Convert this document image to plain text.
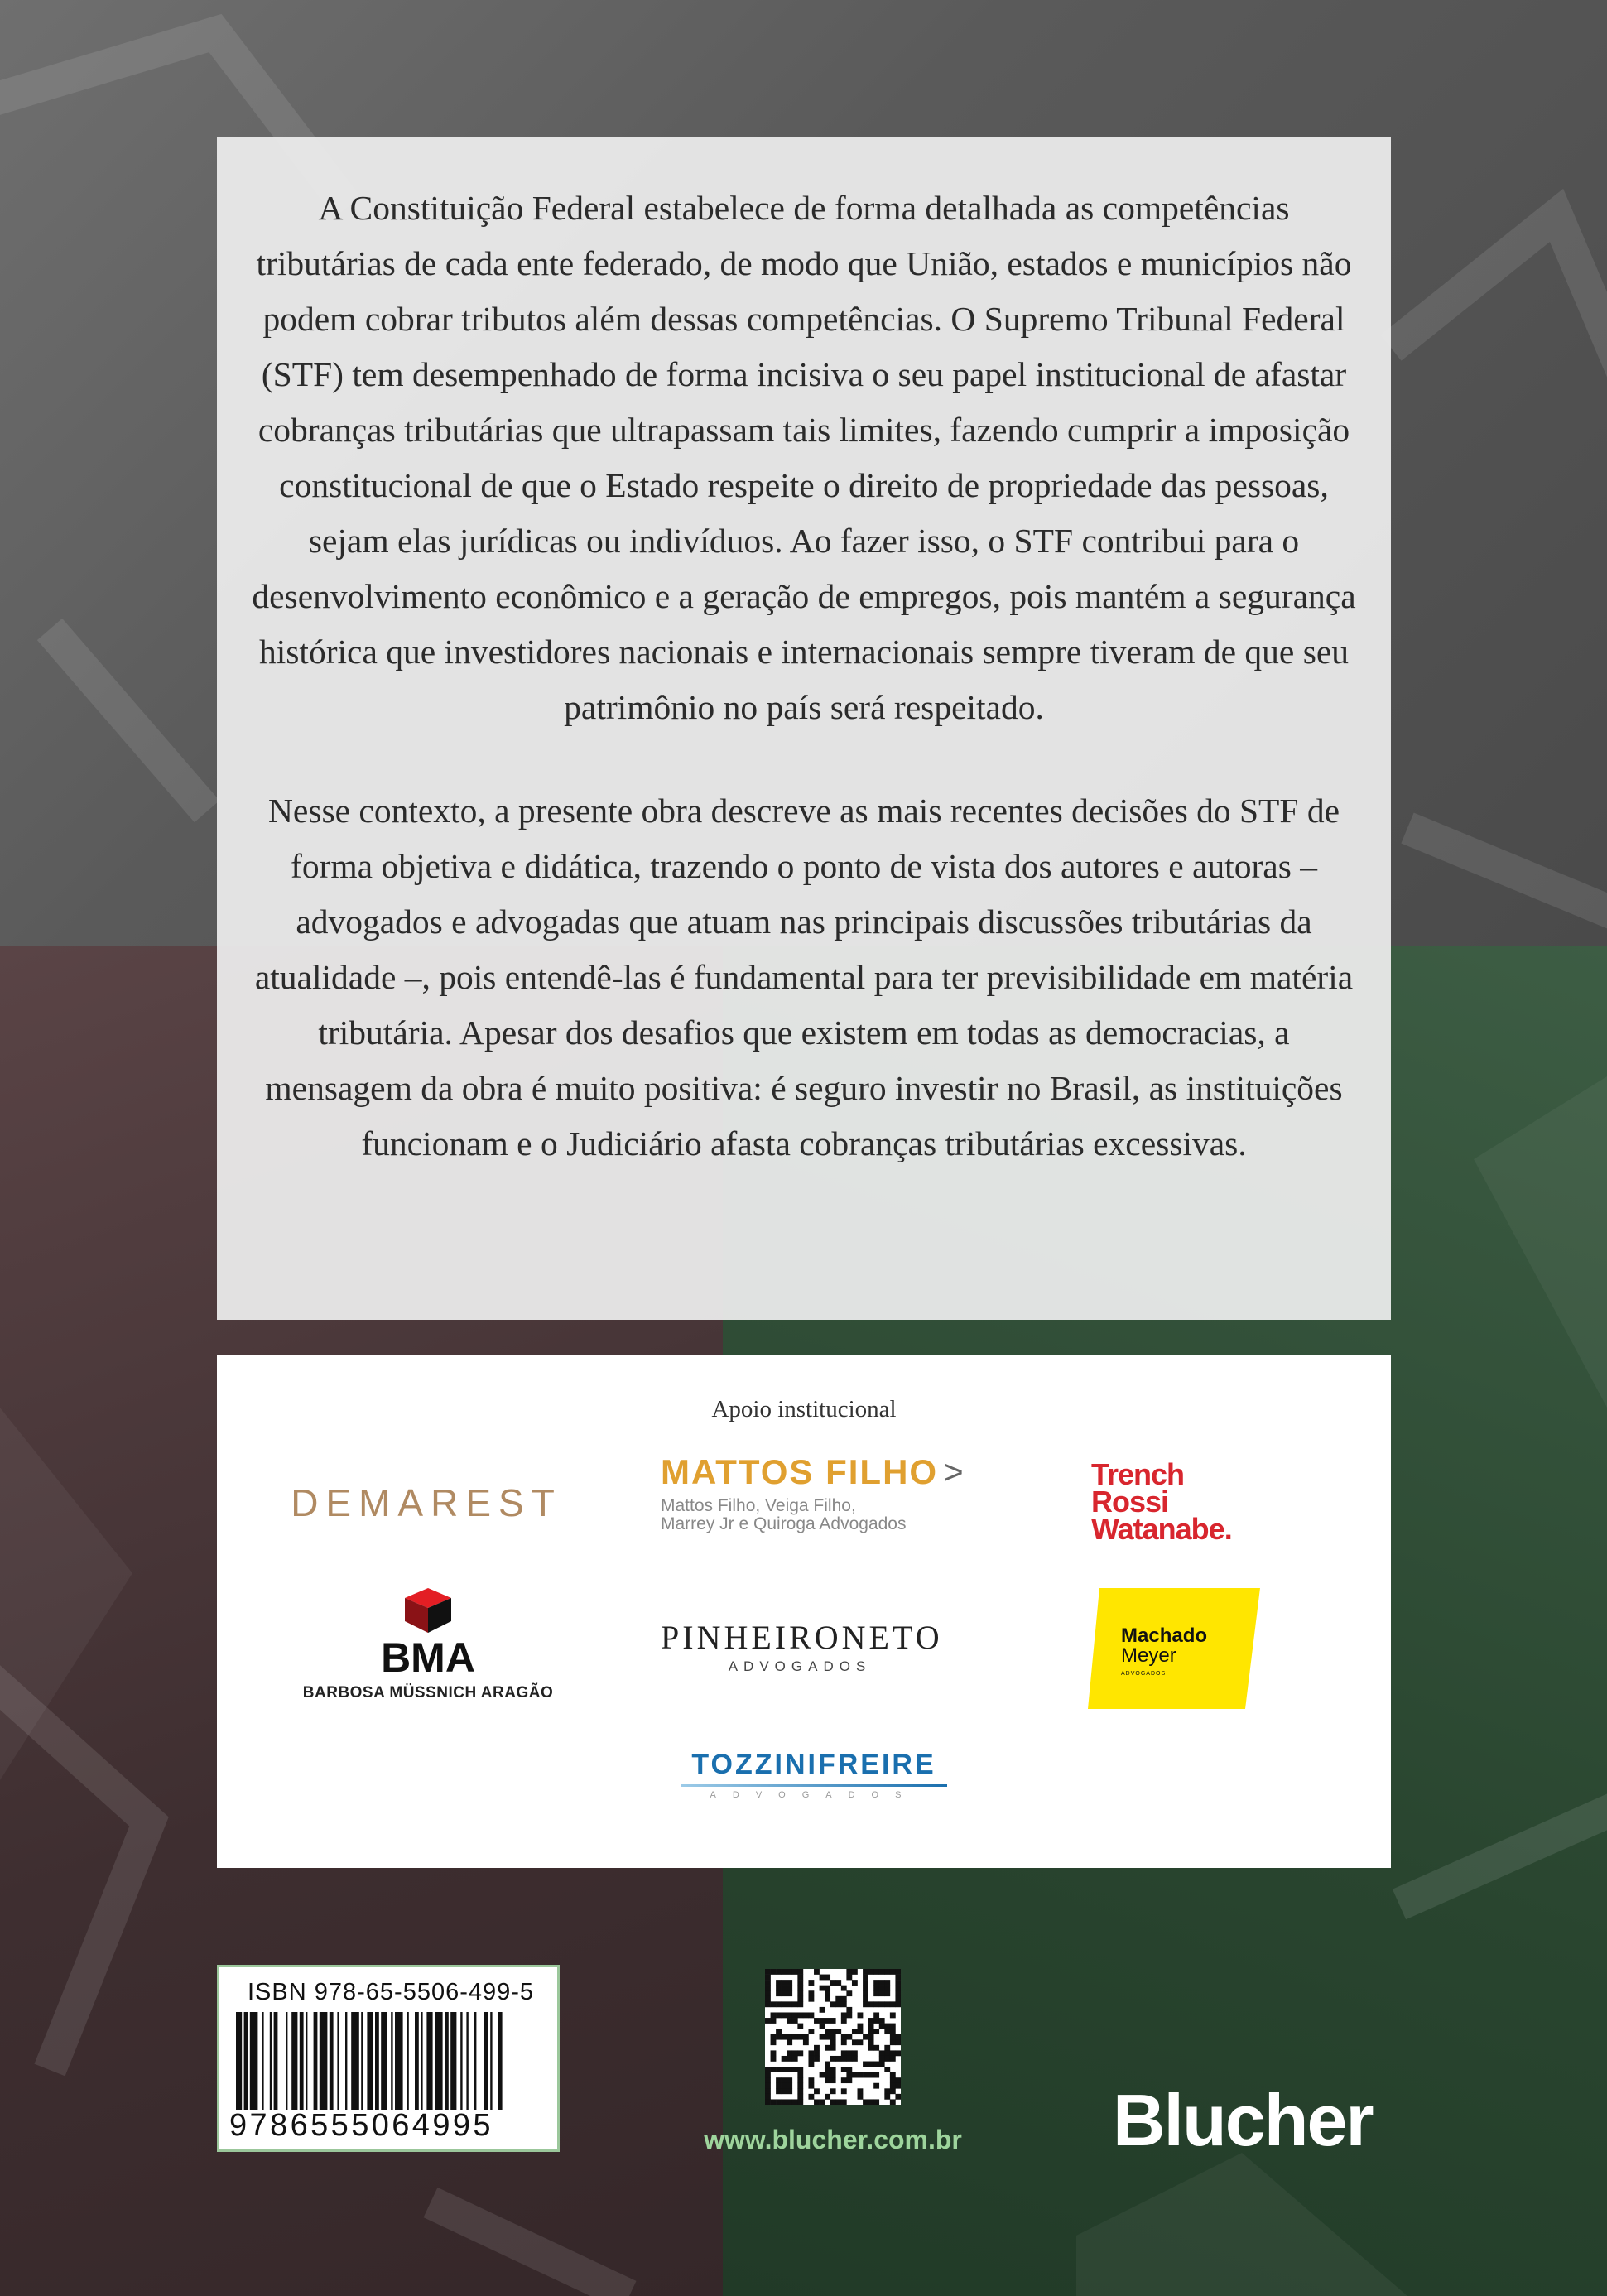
A Constituição Federal estabelece de forma detalhada as competências tributárias de cada ente federado, de modo que União, estados e municípios não podem cobrar tributos além dessas competências. O Supremo Tribunal Federal (STF) tem desempenhado de forma incisiva o seu papel institucional de afastar cobranças tributárias que ultrapassam tais limites, fazendo cumprir a imposição constitucional de que o Estado respeite o direito de propriedade das pessoas, sejam elas jurídicas ou indivíduos. Ao fazer isso, o STF contribui para o desenvolvimento econômico e a geração de empregos, pois mantém a segurança histórica que investidores nacionais e internacionais sempre tiveram de que seu patrimônio no país será respeitado.

Nesse contexto, a presente obra descreve as mais recentes decisões do STF de forma objetiva e didática, trazendo o ponto de vista dos autores e autoras – advogados e advogadas que atuam nas principais discussões tributárias da atualidade –, pois entendê-las é fundamental para ter previsibilidade em matéria tributária. Apesar dos desafios que existem em todas as democracias, a mensagem da obra é muito positiva: é seguro investir no Brasil, as instituições funcionam e o Judiciário afasta cobranças tributárias excessivas.

Apoio institucional
DEMAREST
MATTOS FILHO >
Mattos Filho, Veiga Filho,
Marrey Jr e Quiroga Advogados
Trench
Rossi
Watanabe.
BMA
BARBOSA MÜSSNICH ARAGÃO
PINHEIRONETO
ADVOGADOS
Machado
Meyer
ADVOGADOS
TOZZINIFREIRE
ADVOGADOS
ISBN 978-65-5506-499-5
9786555064995	www.blucher.com.br Blucher
